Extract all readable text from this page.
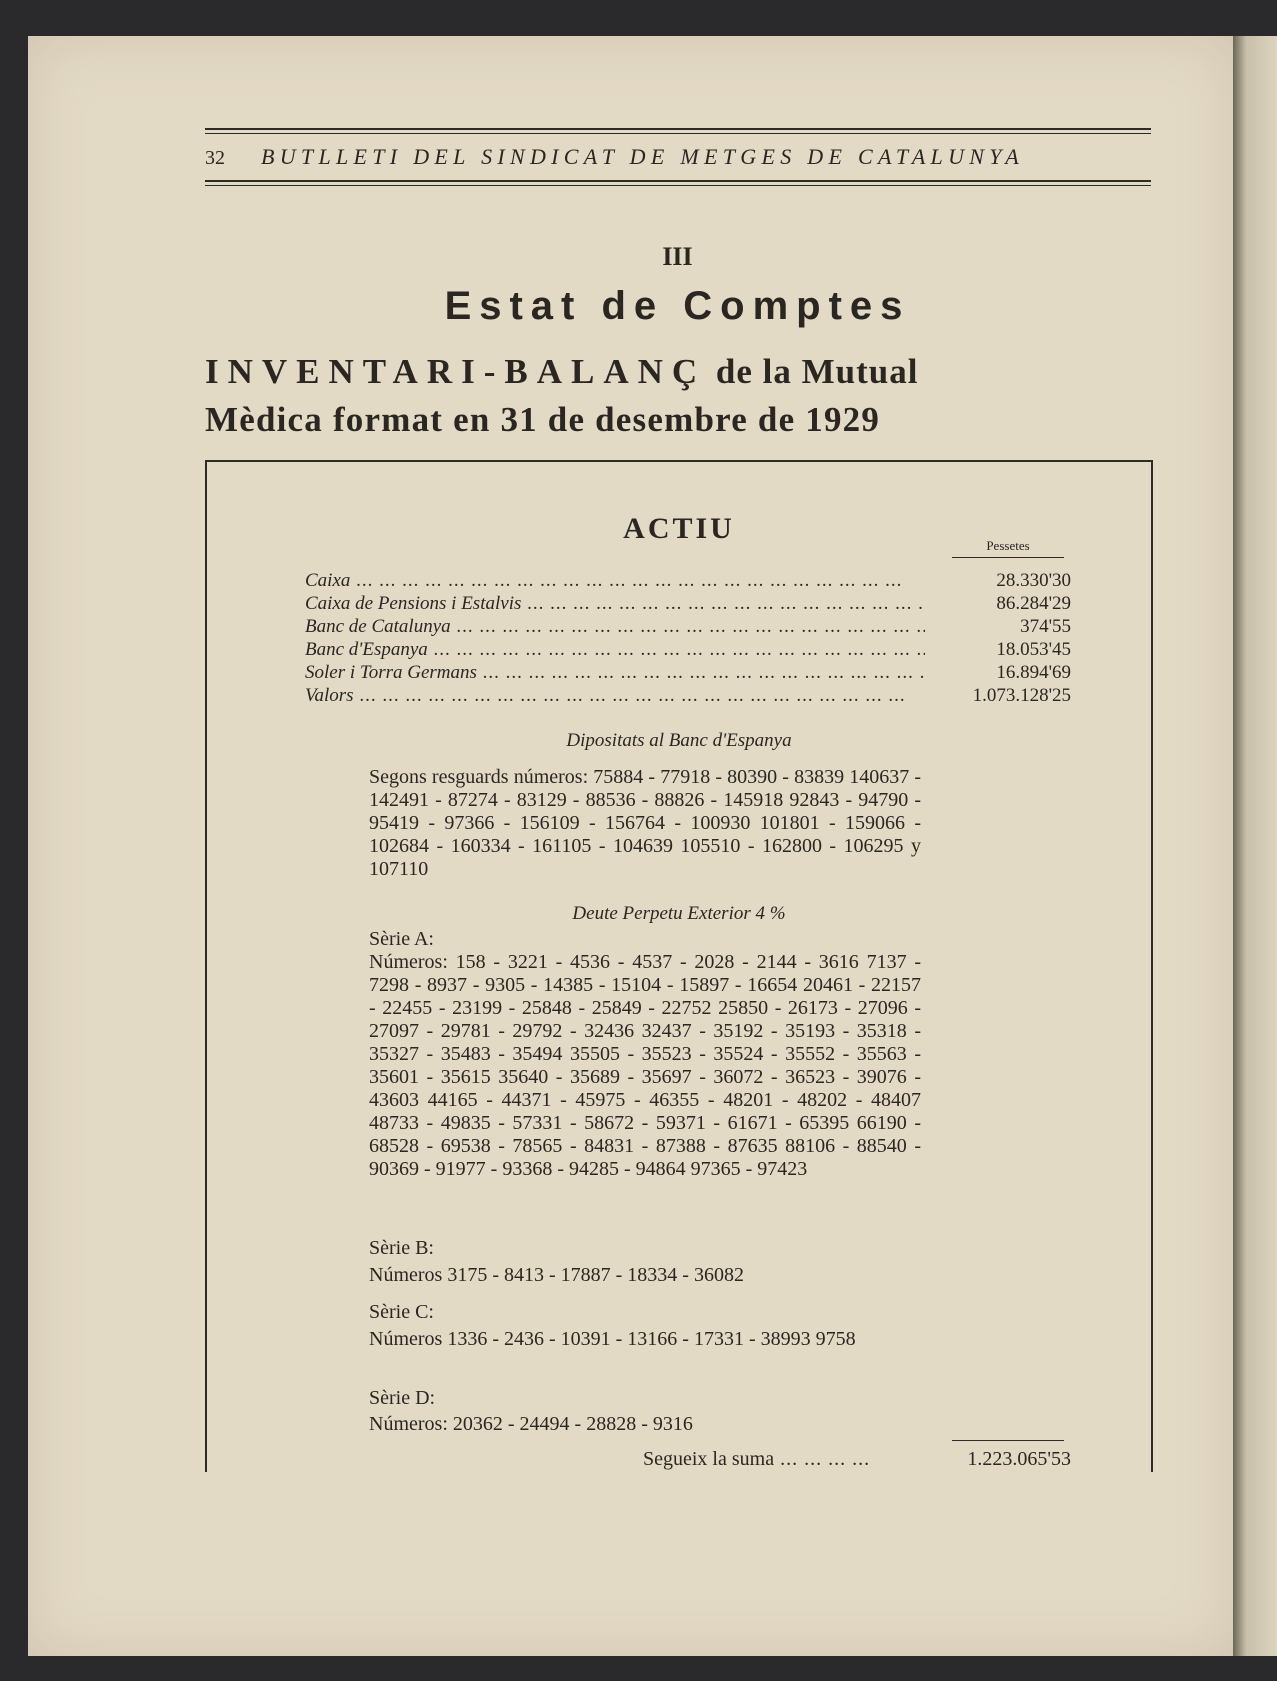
32	BUTLLETI DEL SINDICAT DE METGES DE CATALUNYA
III
Estat de Comptes
INVENTARI-BALANÇ de la Mutual
Mèdica format en 31 de desembre de 1929
ACTIU
Pessetes
Caixa ... .	28.330'30
Caixa de Pensions i Estalvis ... .	86.284'29
Banc de Catalunya ... .	374'55
Banc d'Espanya ... .	18.053'45
Soler i Torra Germans ... .	16.894'69
Valors ... .	1.073.128'25
Dipositats al Banc d'Espanya
Segons resguards números: 75884 - 77918 - 80390 - 83839 140637 - 142491 - 87274 - 83129 - 88536 - 88826 - 145918 92843 - 94790 - 95419 - 97366 - 156109 - 156764 - 100930 101801 - 159066 - 102684 - 160334 - 161105 - 104639 105510 - 162800 - 106295 y 107110
Deute Perpetu Exterior 4 %
Sèrie A:
Números: 158 - 3221 - 4536 - 4537 - 2028 - 2144 - 3616 7137 - 7298 - 8937 - 9305 - 14385 - 15104 - 15897 - 16654 20461 - 22157 - 22455 - 23199 - 25848 - 25849 - 22752 25850 - 26173 - 27096 - 27097 - 29781 - 29792 - 32436 32437 - 35192 - 35193 - 35318 - 35327 - 35483 - 35494 35505 - 35523 - 35524 - 35552 - 35563 - 35601 - 35615 35640 - 35689 - 35697 - 36072 - 36523 - 39076 - 43603 44165 - 44371 - 45975 - 46355 - 48201 - 48202 - 48407 48733 - 49835 - 57331 - 58672 - 59371 - 61671 - 65395 66190 - 68528 - 69538 - 78565 - 84831 - 87388 - 87635 88106 - 88540 - 90369 - 91977 - 93368 - 94285 - 94864 97365 - 97423
Sèrie B:
Números 3175 - 8413 - 17887 - 18334 - 36082
Sèrie C:
Números 1336 - 2436 - 10391 - 13166 - 17331 - 38993 9758
Sèrie D:
Números: 20362 - 24494 - 28828 - 9316
Segueix la suma ... .	1.223.065'53
